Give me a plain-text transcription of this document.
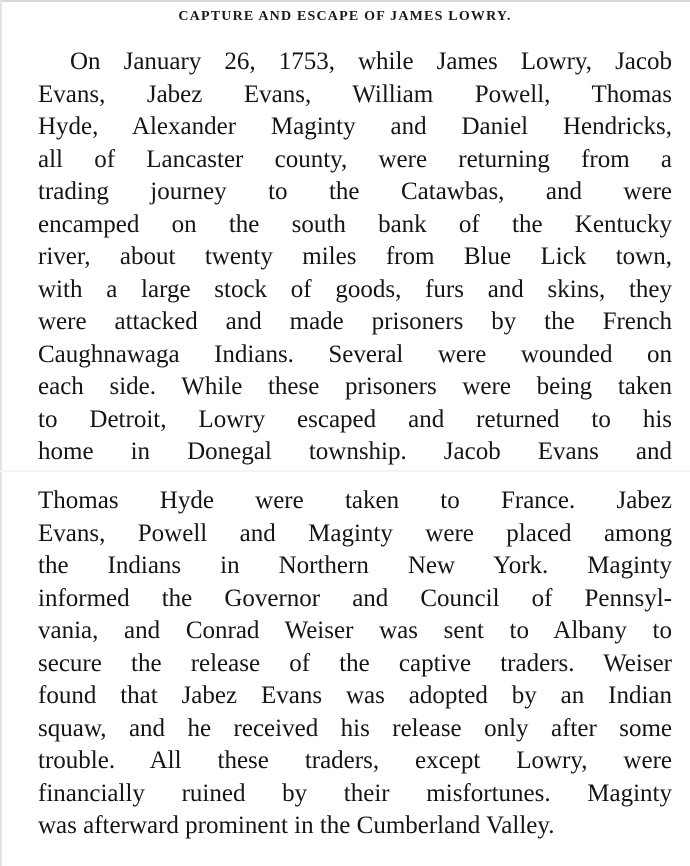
CAPTURE AND ESCAPE OF JAMES LOWRY.
On January 26, 1753, while James Lowry, Jacob
Evans, Jabez Evans, William Powell, Thomas
Hyde, Alexander Maginty and Daniel Hendricks,
all of Lancaster county, were returning from a
trading journey to the Catawbas, and were
encamped on the south bank of the Kentucky
river, about twenty miles from Blue Lick town,
with a large stock of goods, furs and skins, they
were attacked and made prisoners by the French
Caughnawaga Indians. Several were wounded on
each side. While these prisoners were being taken
to Detroit, Lowry escaped and returned to his
home in Donegal township. Jacob Evans and
Thomas Hyde were taken to France. Jabez
Evans, Powell and Maginty were placed among
the Indians in Northern New York. Maginty
informed the Governor and Council of Pennsyl-
vania, and Conrad Weiser was sent to Albany to
secure the release of the captive traders. Weiser
found that Jabez Evans was adopted by an Indian
squaw, and he received his release only after some
trouble. All these traders, except Lowry, were
financially ruined by their misfortunes. Maginty
was afterward prominent in the Cumberland Valley.
